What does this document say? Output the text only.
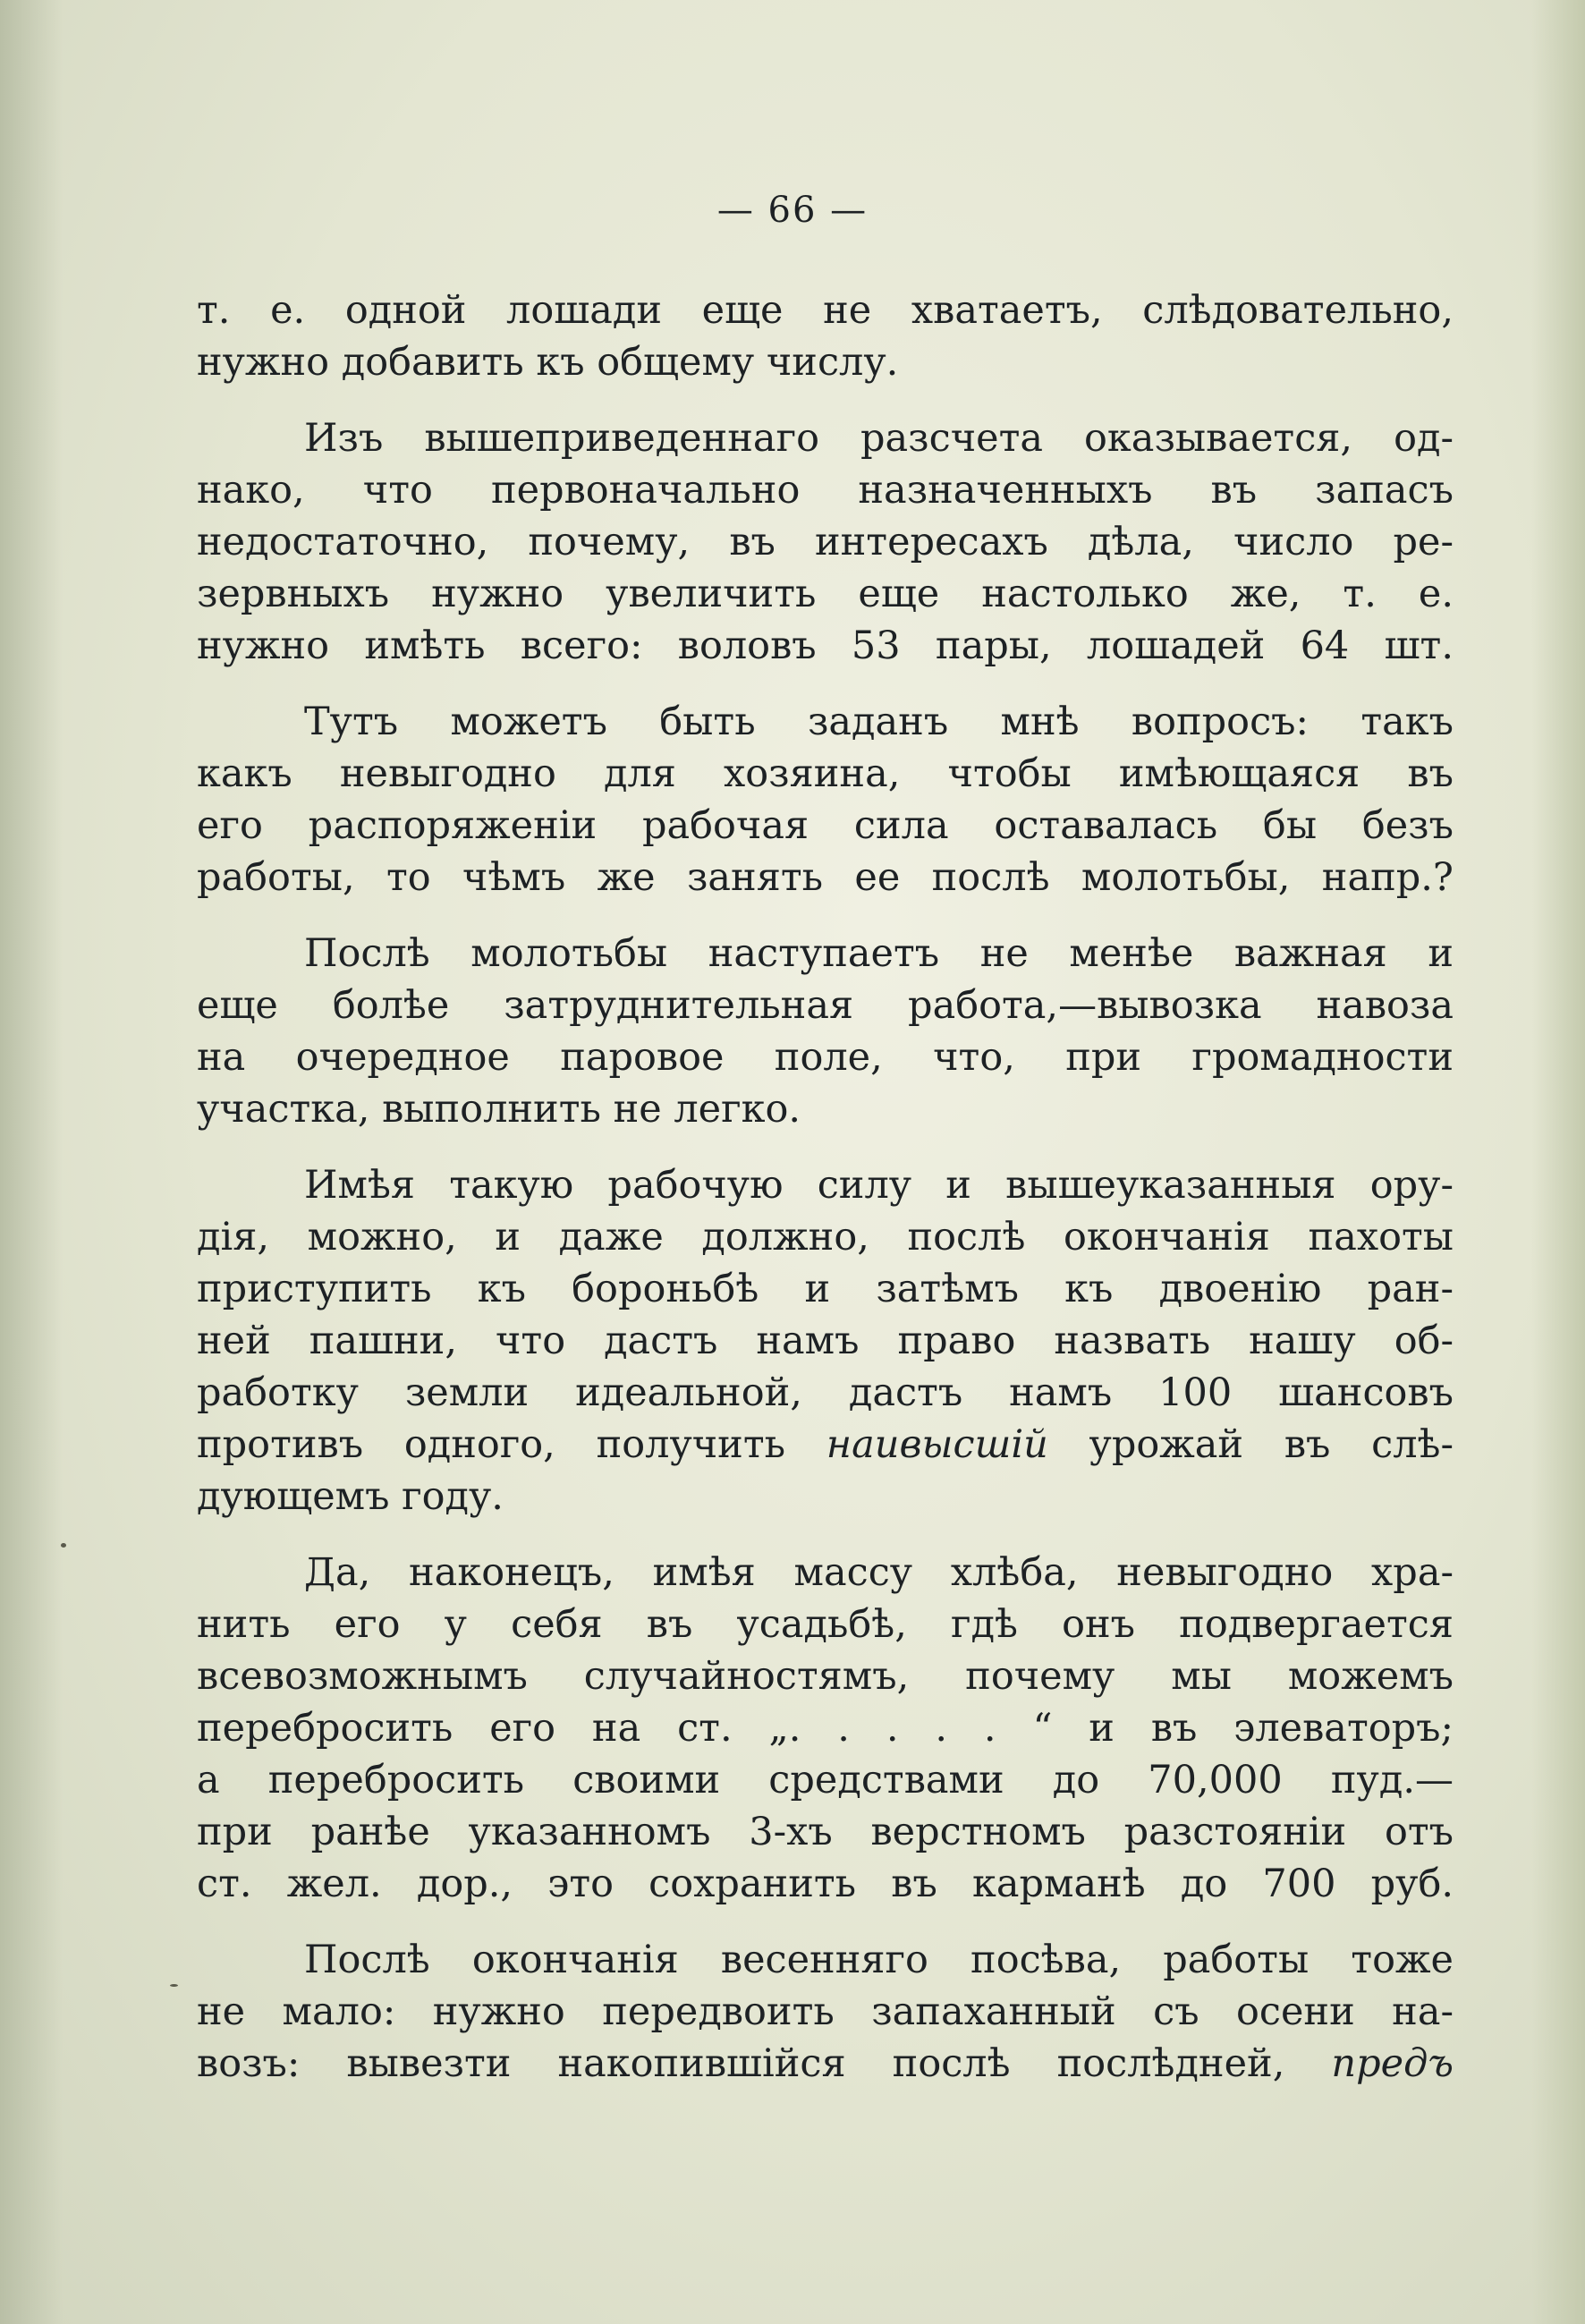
— 66 —

т. е. одной лошади еще не хватаетъ, слѣдовательно,
нужно добавить къ общему числу.

Изъ вышеприведеннаго разсчета оказывается, од-
нако, что первоначально назначенныхъ въ запасъ
недостаточно, почему, въ интересахъ дѣла, число ре-
зервныхъ нужно увеличить еще настолько же, т. е.
нужно имѣть всего: воловъ 53 пары, лошадей 64 шт.

Тутъ можетъ быть заданъ мнѣ вопросъ: такъ
какъ невыгодно для хозяина, чтобы имѣющаяся въ
его распоряженіи рабочая сила оставалась бы безъ
работы, то чѣмъ же занять ее послѣ молотьбы, напр.?

Послѣ молотьбы наступаетъ не менѣе важная и
еще болѣе затруднительная работа,—вывозка навоза
на очередное паровое поле, что, при громадности
участка, выполнить не легко.

Имѣя такую рабочую силу и вышеуказанныя ору-
дія, можно, и даже должно, послѣ окончанія пахоты
приступить къ бороньбѣ и затѣмъ къ двоенію ран-
ней пашни, что дастъ намъ право назвать нашу об-
работку земли идеальной, дастъ намъ 100 шансовъ
противъ одного, получить наивысшій урожай въ слѣ-
дующемъ году.

Да, наконецъ, имѣя массу хлѣба, невыгодно хра-
нить его у себя въ усадьбѣ, гдѣ онъ подвергается
всевозможнымъ случайностямъ, почему мы можемъ
перебросить его на ст. „. . . . . “ и въ элеваторъ;
а перебросить своими средствами до 70,000 пуд.—
при ранѣе указанномъ 3-хъ верстномъ разстояніи отъ
ст. жел. дор., это сохранить въ карманѣ до 700 руб.

Послѣ окончанія весенняго посѣва, работы тоже
не мало: нужно передвоить запаханный съ осени на-
возъ: вывезти накопившійся послѣ послѣдней, предъ
